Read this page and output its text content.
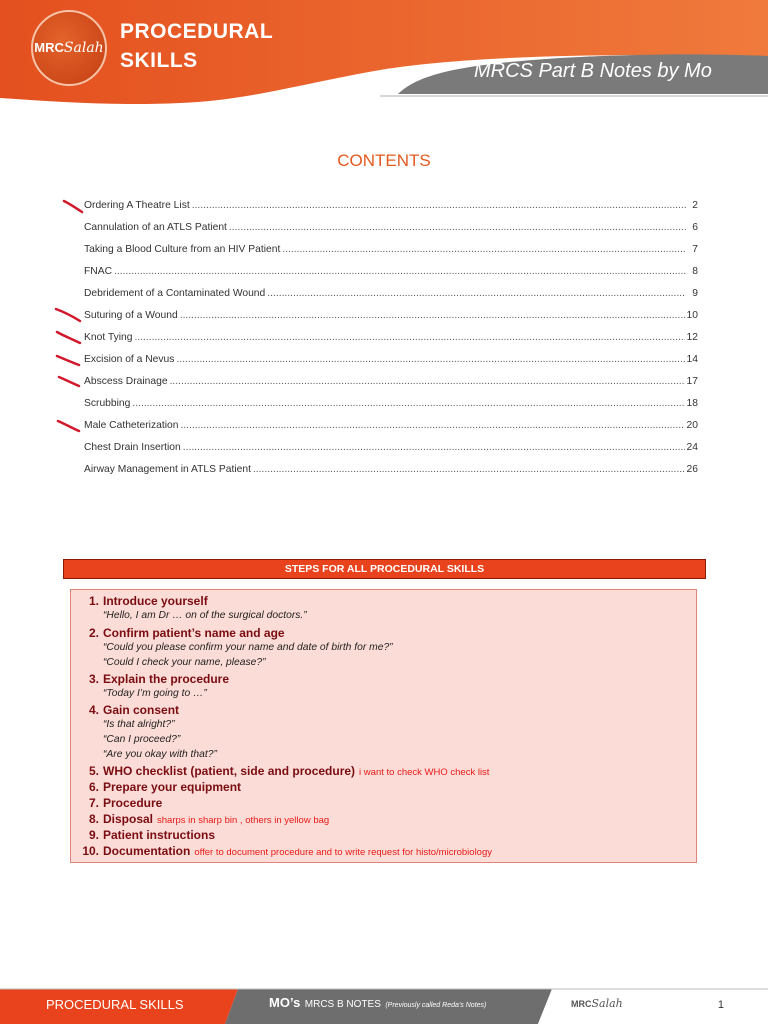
MRCSalah
PROCEDURAL
SKILLS	MRCS Part B Notes by Mo
CONTENTS
Ordering A Theatre List .....	2
Cannulation of an ATLS Patient .....	6
Taking a Blood Culture from an HIV Patient .....	7
FNAC .....	8
Debridement of a Contaminated Wound .....	9
Suturing of a Wound .....	10
Knot Tying .....	12
Excision of a Nevus .....	14
Abscess Drainage .....	17
Scrubbing .....	18
Male Catheterization .....	20
Chest Drain Insertion .....	24
Airway Management in ATLS Patient .....	26
STEPS FOR ALL PROCEDURAL SKILLS
1. Introduce yourself
“Hello, I am Dr … on of the surgical doctors.”
2. Confirm patient’s name and age
“Could you please confirm your name and date of birth for me?”
“Could I check your name, please?”
3. Explain the procedure
“Today I’m going to …”
4. Gain consent
“Is that alright?”
“Can I proceed?”
“Are you okay with that?”
5. WHO checklist (patient, side and procedure) i want to check WHO check list
6. Prepare your equipment
7. Procedure
8. Disposal sharps in sharp bin , others in yellow bag
9. Patient instructions
10. Documentation offer to document procedure and to write request for histo/microbiology
PROCEDURAL SKILLS	MO’s MRCS B NOTES (Previously called Reda’s Notes)	MRCSalah	1
